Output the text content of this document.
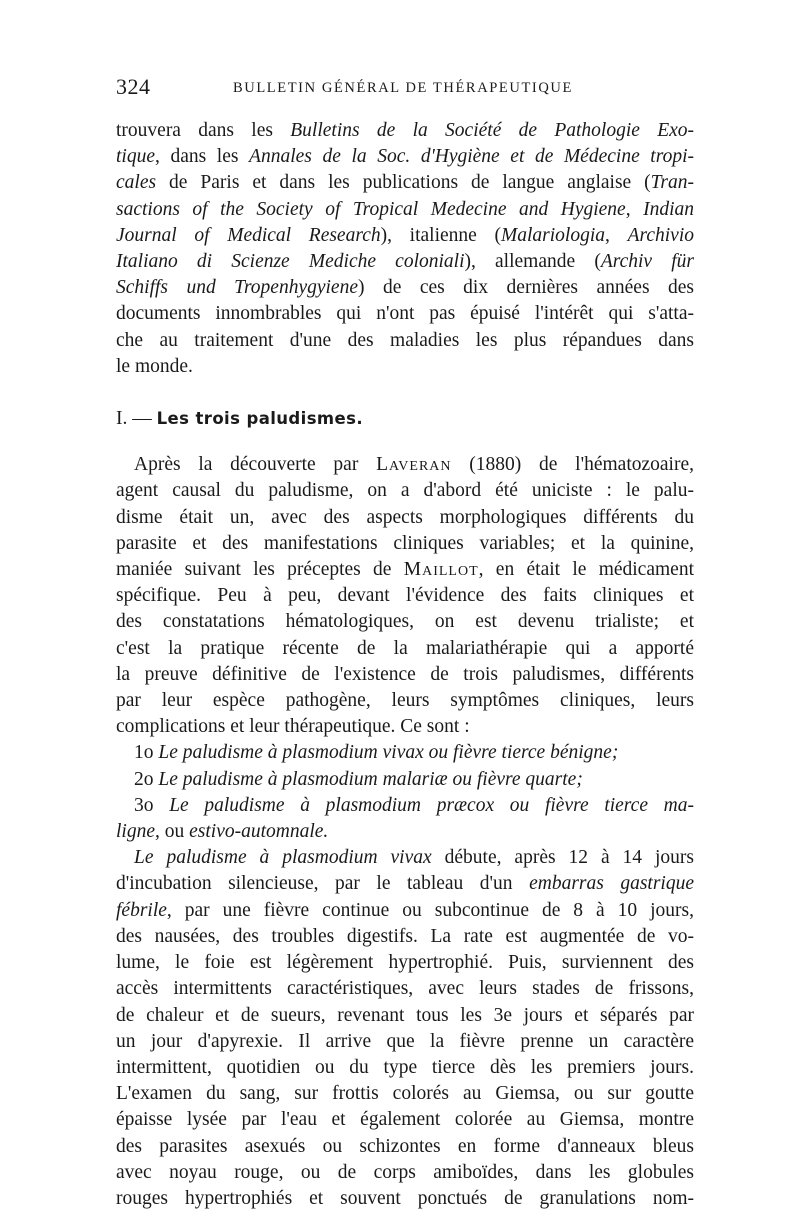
324	BULLETIN GÉNÉRAL DE THÉRAPEUTIQUE

trouvera dans les Bulletins de la Société de Pathologie Exo-
tique, dans les Annales de la Soc. d'Hygiène et de Médecine tropi-
cales de Paris et dans les publications de langue anglaise (Tran-
sactions of the Society of Tropical Medecine and Hygiene, Indian
Journal of Medical Research), italienne (Malariologia, Archivio
Italiano di Scienze Mediche coloniali), allemande (Archiv für
Schiffs und Tropenhygyiene) de ces dix dernières années des
documents innombrables qui n'ont pas épuisé l'intérêt qui s'atta-
che au traitement d'une des maladies les plus répandues dans
le monde.

I. — Les trois paludismes.

Après la découverte par Laveran (1880) de l'hématozoaire,
agent causal du paludisme, on a d'abord été uniciste : le palu-
disme était un, avec des aspects morphologiques différents du
parasite et des manifestations cliniques variables; et la quinine,
maniée suivant les préceptes de Maillot, en était le médicament
spécifique. Peu à peu, devant l'évidence des faits cliniques et
des constatations hématologiques, on est devenu trialiste; et
c'est la pratique récente de la malariathérapie qui a apporté
la preuve définitive de l'existence de trois paludismes, différents
par leur espèce pathogène, leurs symptômes cliniques, leurs
complications et leur thérapeutique. Ce sont :

1o Le paludisme à plasmodium vivax ou fièvre tierce bénigne;
2o Le paludisme à plasmodium malariæ ou fièvre quarte;
3o Le paludisme à plasmodium præcox ou fièvre tierce ma-
ligne, ou estivo-automnale.

Le paludisme à plasmodium vivax débute, après 12 à 14 jours
d'incubation silencieuse, par le tableau d'un embarras gastrique
fébrile, par une fièvre continue ou subcontinue de 8 à 10 jours,
des nausées, des troubles digestifs. La rate est augmentée de vo-
lume, le foie est légèrement hypertrophié. Puis, surviennent des
accès intermittents caractéristiques, avec leurs stades de frissons,
de chaleur et de sueurs, revenant tous les 3e jours et séparés par
un jour d'apyrexie. Il arrive que la fièvre prenne un caractère
intermittent, quotidien ou du type tierce dès les premiers jours.
L'examen du sang, sur frottis colorés au Giemsa, ou sur goutte
épaisse lysée par l'eau et également colorée au Giemsa, montre
des parasites asexués ou schizontes en forme d'anneaux bleus
avec noyau rouge, ou de corps amiboïdes, dans les globules
rouges hypertrophiés et souvent ponctués de granulations nom-
